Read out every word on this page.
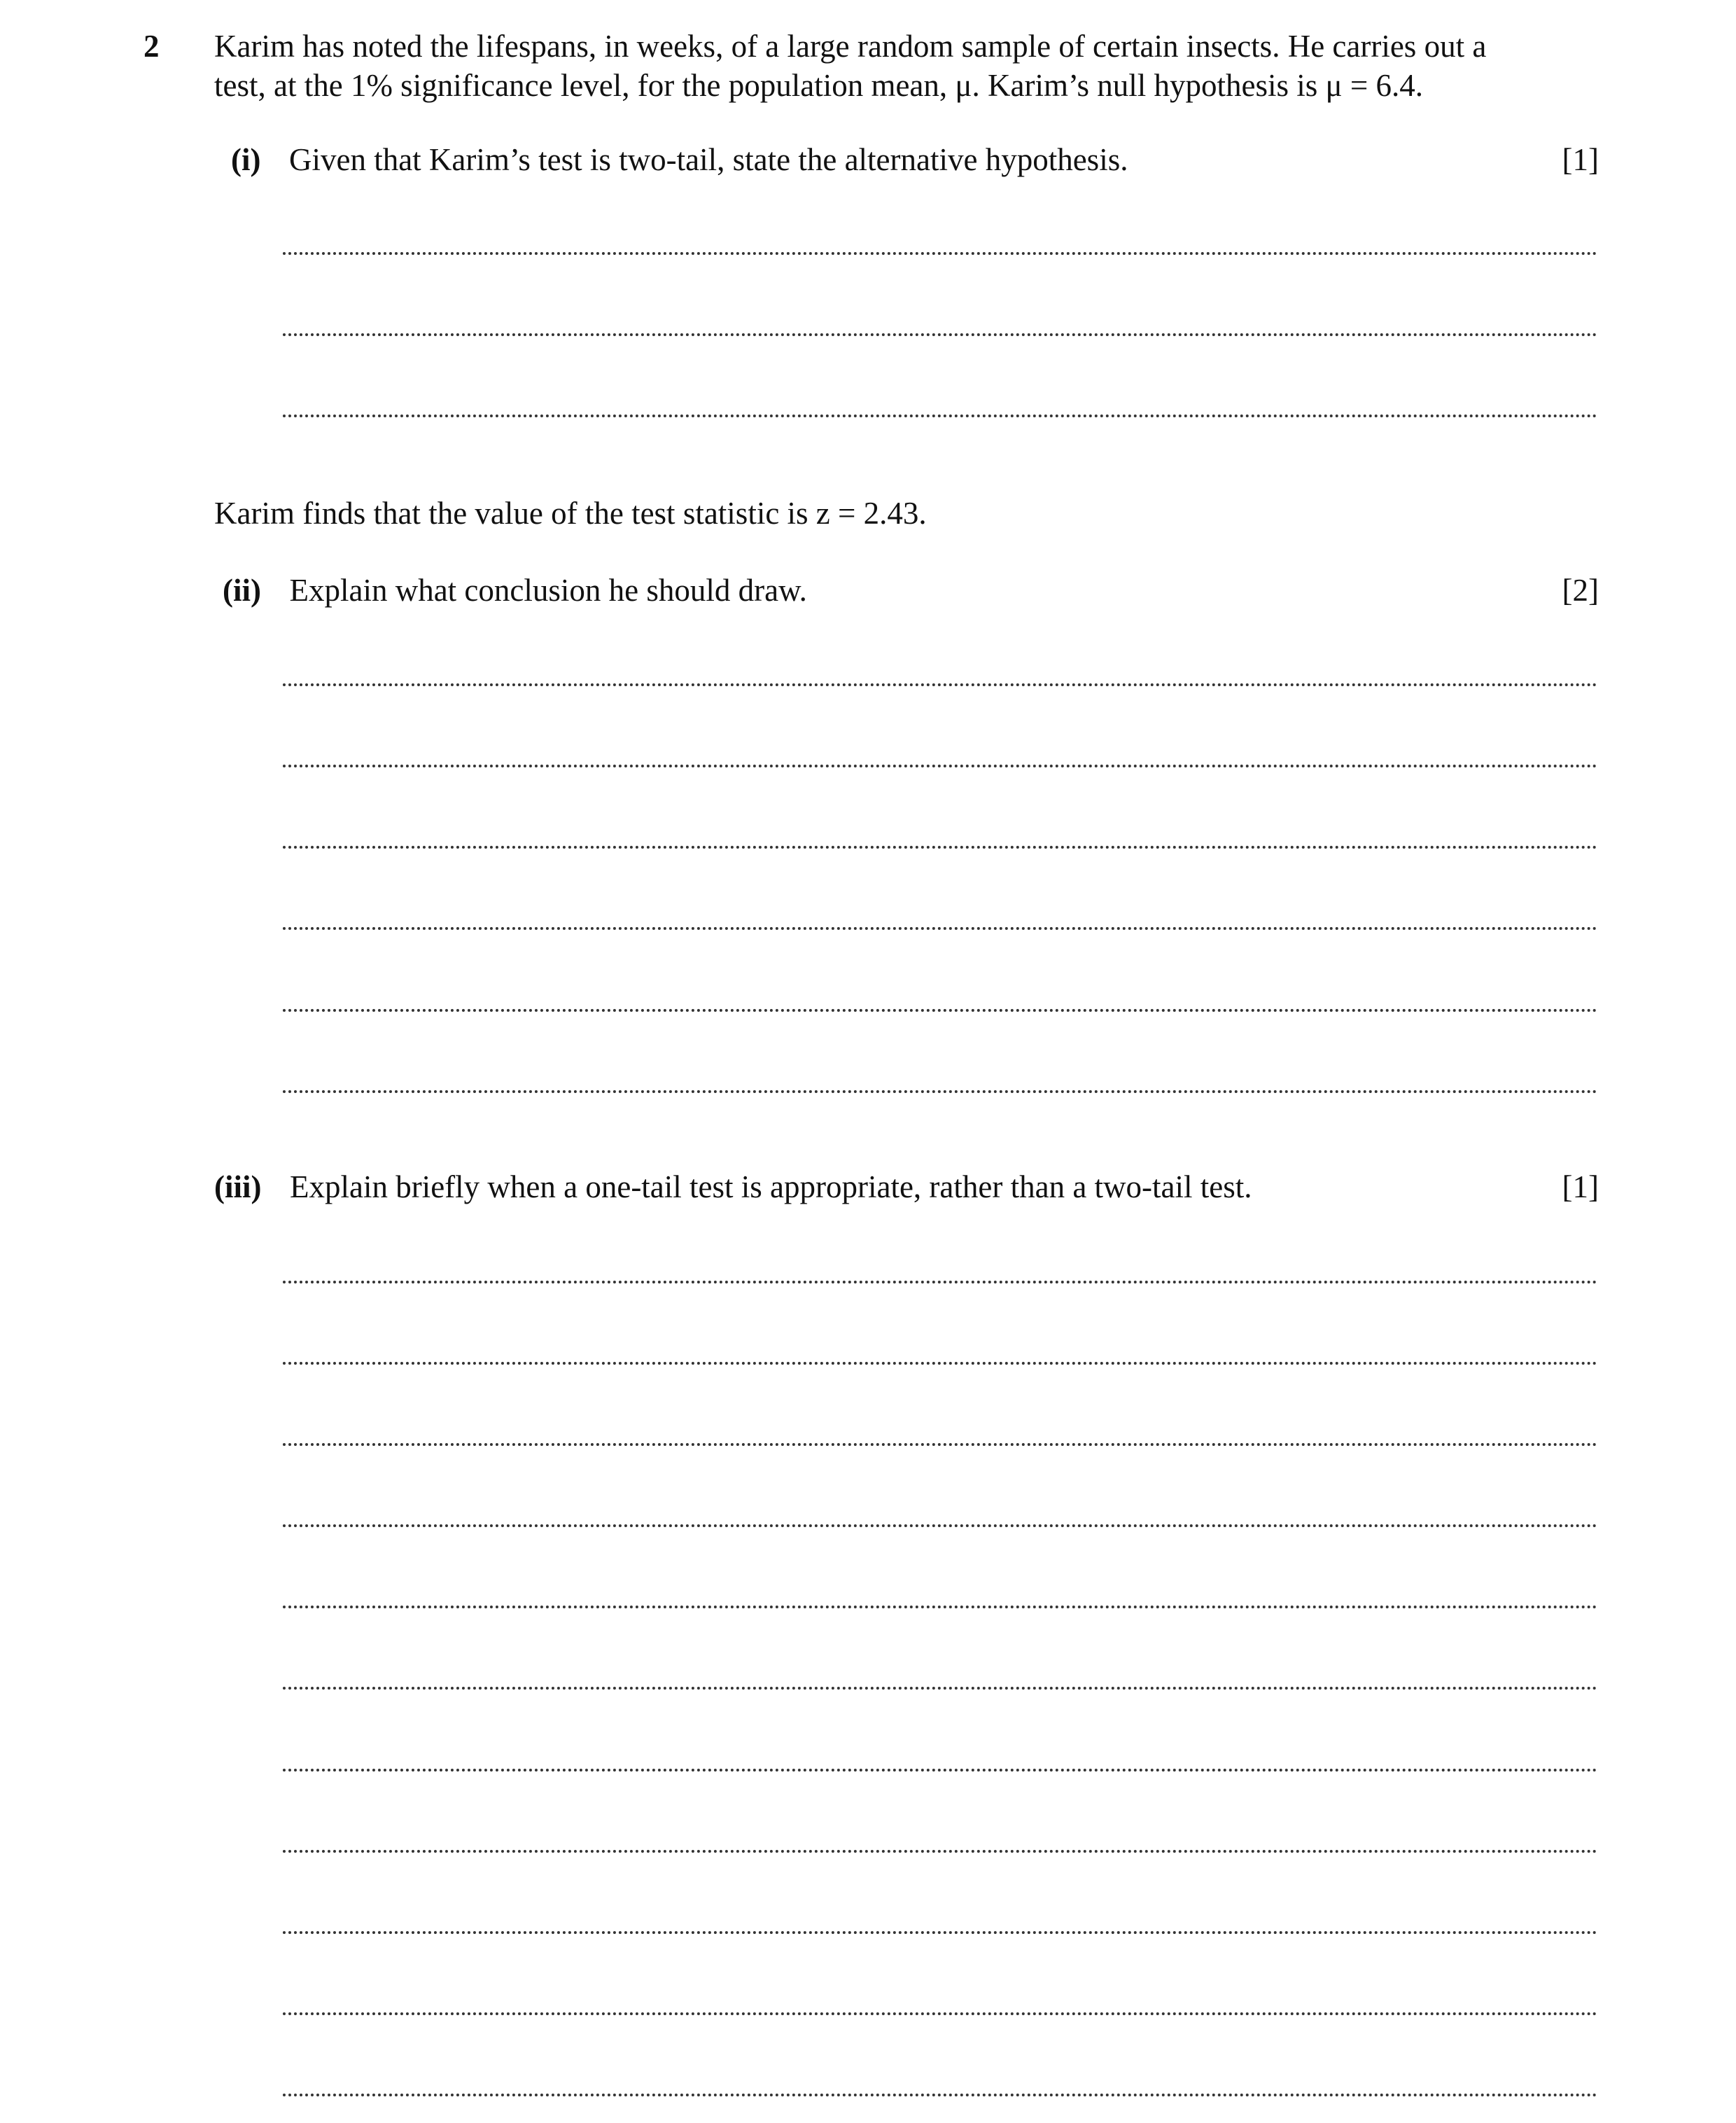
2 Karim has noted the lifespans, in weeks, of a large random sample of certain insects. He carries out a
test, at the 1% significance level, for the population mean, μ. Karim’s null hypothesis is μ = 6.4.
(i) Given that Karim’s test is two-tail, state the alternative hypothesis.	[1]
Karim finds that the value of the test statistic is z = 2.43.
(ii) Explain what conclusion he should draw.	[2]
(iii) Explain briefly when a one-tail test is appropriate, rather than a two-tail test.	[1]
